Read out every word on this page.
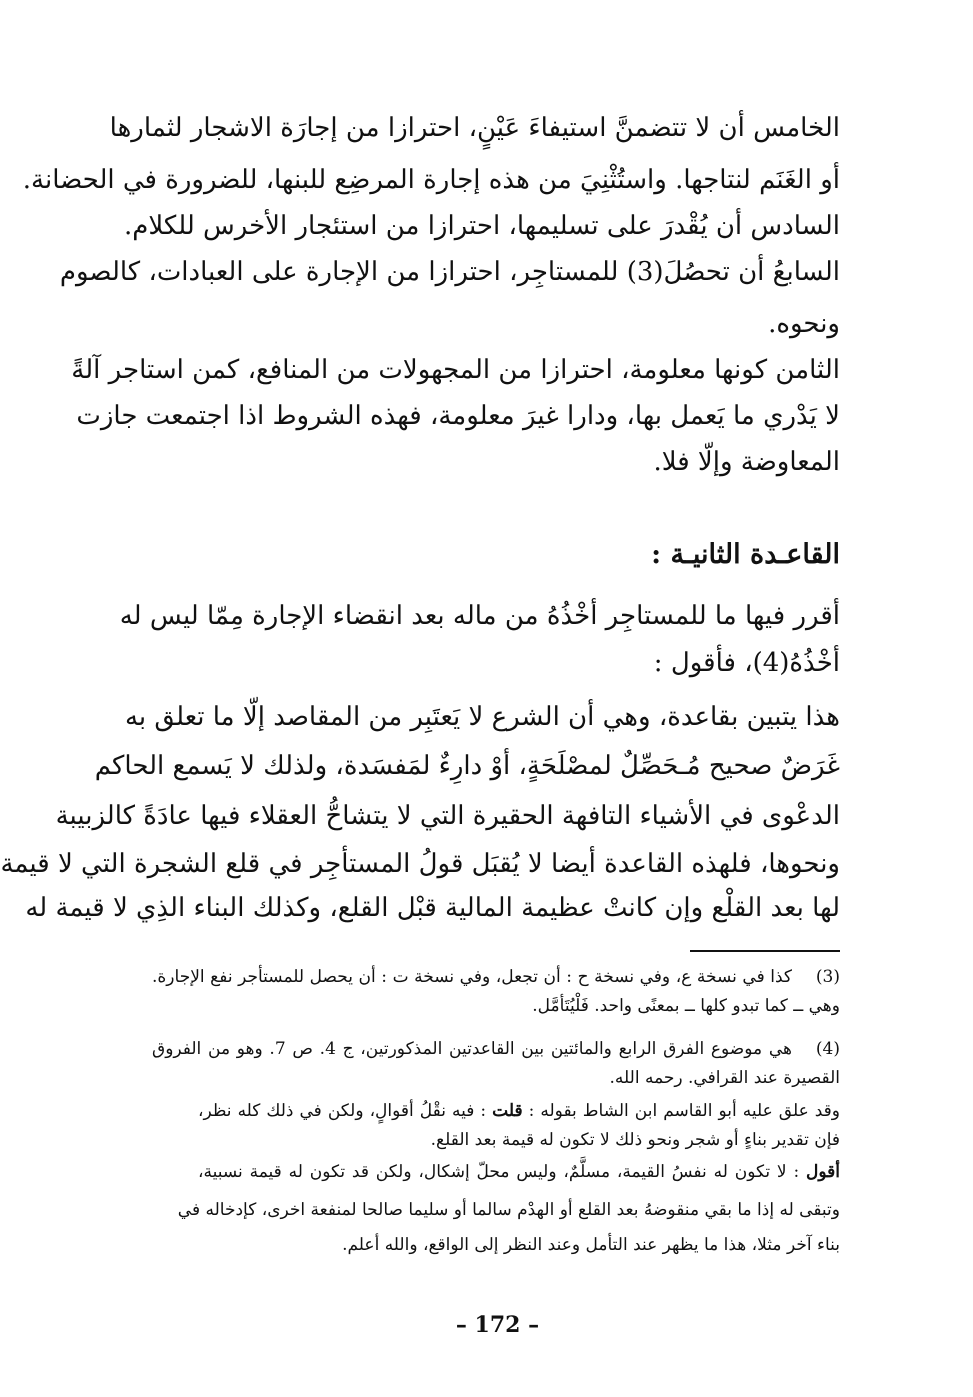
الخامس أن لا تتضمنَّ استيفاءَ عَيْنٍ، احترازا من إجارَة الاشجار لثمارها
أو الغَنَم لنتاجها. واستُثْنِيَ من هذه إجارة المرضِع للبنها، للضرورة في الحضانة.
السادس أن يُقْدرَ على تسليمها، احترازا من استئجار الأخرس للكلام.
السابعُ أن تحصُلَ(3) للمستاجِر، احترازا من الإجارة على العبادات، كالصوم
ونحوه.
الثامن كونها معلومة، احترازا من المجهولات من المنافع، كمن استاجر آلةً
لا يَدْري ما يَعمل بها، ودارا غيرَ معلومة، فهذه الشروط اذا اجتمعت جازت
المعاوضة وإلّا فلا.
القاعـدة الثانيـة :
أقرر فيها ما للمستاجِر أخْذُهُ من ماله بعد انقضاء الإجارة مِمّا ليس له
أخْذُهُ(4)، فأقول :
هذا يتبين بقاعدة، وهي أن الشرع لا يَعتَبِر من المقاصد إلّا ما تعلق به
غَرَضٌ صحيح مُـحَصِّلٌ لمصْلَحَةٍ، أوْ دارِءٌ لمَفسَدة، ولذلك لا يَسمع الحاكم
الدعْوى في الأشياء التافهة الحقيرة التي لا يتشاحُّ العقلاء فيها عادَةً كالزبيبة
ونحوها، فلهذه القاعدة أيضا لا يُقبَل قولُ المستأجِر في قلع الشجرة التي لا قيمة
لها بعد القلْع وإن كانتْ عظيمة المالية قبْل القلع، وكذلك البناء الذِي لا قيمة له
(3)
كذا في نسخة ع، وفي نسخة ح : أن تجعل، وفي نسخة ت : أن يحصل للمستأجر نفع الإجارة.
وهي ــ كما تبدو كلها ــ بمعنًى واحد. فَلْيُتَأمَّل.
(4)
هي موضوع الفرق الرابع والمائتين بين القاعدتين المذكورتين، ج 4. ص 7. وهو من الفروق
القصيرة عند القرافي. رحمه الله.
وقد علق عليه أبو القاسم ابن الشاط بقوله : قلت : فيه نقْلُ أقوالٍ، ولكن في ذلك كله نظر،
فإن تقدير بناءٍ أو شجر ونحو ذلك لا تكون له قيمة بعد القلع.
أقول : لا تكون له نفسُ القيمة، مسلَّمٌ، وليس محلّ إشكال، ولكن قد تكون له قيمة نسبية،
وتبقى له إذا ما بقي منقوضهُ بعد القلع أو الهدْم سالما أو سليما صالحا لمنفعة اخرى، كإدخاله في
بناء آخر مثلا، هذا ما يظهر عند التأمل وعند النظر إلى الواقع، والله أعلم.
– 172 –
